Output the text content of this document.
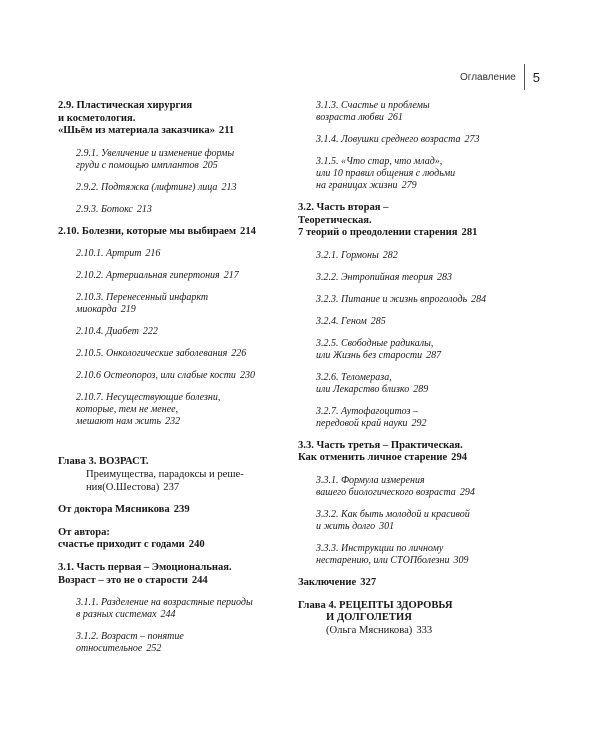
Оглавление 5
2.9. Пластическая хирургия
и косметология.
«Шьём из материала заказчика» 211
2.9.1. Увеличение и изменение формы
груди с помощью имплантов 205
2.9.2. Подтяжка (лифтинг) лица 213
2.9.3. Ботокс 213
2.10. Болезни, которые мы выбираем 214
2.10.1. Артрит 216
2.10.2. Артериальная гипертония 217
2.10.3. Перенесенный инфаркт
миокарда 219
2.10.4. Диабет 222
2.10.5. Онкологические заболевания 226
2.10.6 Остеопороз, или слабые кости 230
2.10.7. Несуществующие болезни,
которые, тем не менее,
мешают нам жить 232
Глава 3. ВОЗРАСТ.
Преимущества, парадоксы и реше-
ния(О.Шестова) 237
От доктора Мясникова 239
От автора:
счастье приходит с годами 240
3.1. Часть первая – Эмоциональная.
Возраст – это не о старости 244
3.1.1. Разделение на возрастные периоды
в разных системах 244
3.1.2. Возраст – понятие
относительное 252
3.1.3. Счастье и проблемы
возраста любви 261
3.1.4. Ловушки среднего возраста 273
3.1.5. «Что стар, что млад»,
или 10 правил общения с людьми
на границах жизни 279
3.2. Часть вторая –
Теоретическая.
7 теорий о преодолении старения 281
3.2.1. Гормоны 282
3.2.2. Энтропийная теория 283
3.2.3. Питание и жизнь впроголодь 284
3.2.4. Геном 285
3.2.5. Свободные радикалы,
или Жизнь без старости 287
3.2.6. Теломераза,
или Лекарство близко 289
3.2.7. Аутофагоцитоз –
передовой край науки 292
3.3. Часть третья – Практическая.
Как отменить личное старение 294
3.3.1. Формула измерения
вашего биологического возраста 294
3.3.2. Как быть молодой и красивой
и жить долго 301
3.3.3. Инструкции по личному
нестарению, или СТОПболезни 309
Заключение 327
Глава 4. РЕЦЕПТЫ ЗДОРОВЬЯ
И ДОЛГОЛЕТИЯ
(Ольга Мясникова) 333
